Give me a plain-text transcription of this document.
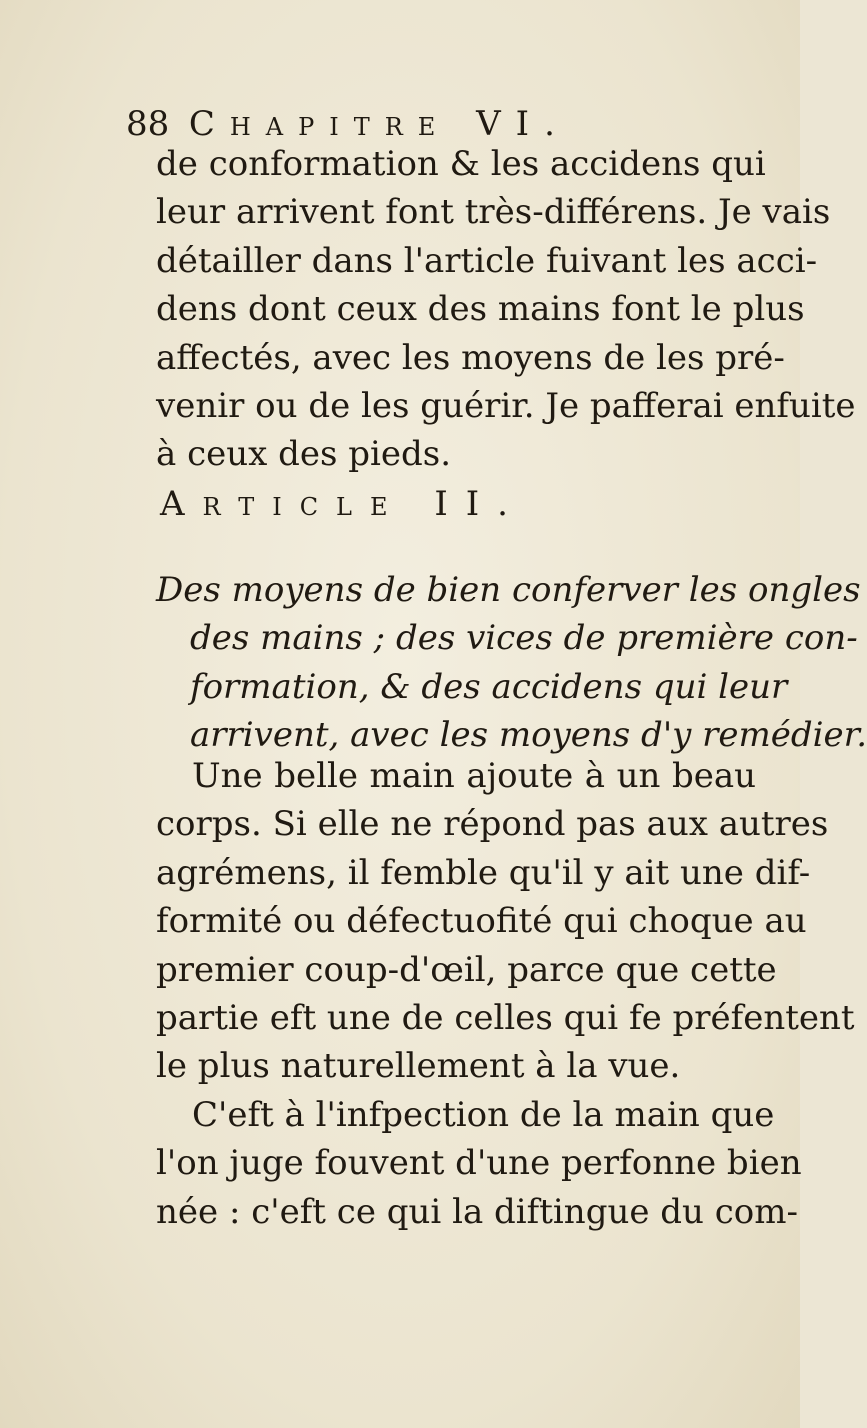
88 Chapitre VI.
de conformation & les accidens qui
leur arrivent font très-différens. Je vais
détailler dans l'article fuivant les acci-
dens dont ceux des mains font le plus
affectés, avec les moyens de les pré-
venir ou de les guérir. Je pafferai enfuite
à ceux des pieds.
Article II.
Des moyens de bien conferver les ongles
des mains ; des vices de première con-
formation, & des accidens qui leur
arrivent, avec les moyens d'y remédier.
Une belle main ajoute à un beau
corps. Si elle ne répond pas aux autres
agrémens, il femble qu'il y ait une dif-
formité ou défectuofité qui choque au
premier coup-d'œil, parce que cette
partie eft une de celles qui fe préfentent
le plus naturellement à la vue.
C'eft à l'infpection de la main que
l'on juge fouvent d'une perfonne bien
née : c'eft ce qui la diftingue du com-
